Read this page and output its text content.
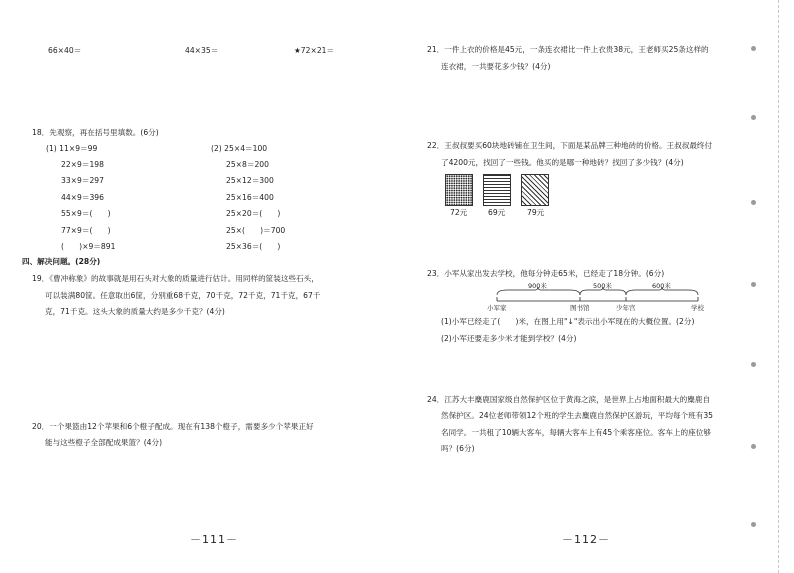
66×40＝	44×35＝	★72×21＝
18．先观察，再在括号里填数。(6分)
(1) 11×9＝99
22×9＝198
33×9＝297
44×9＝396
55×9＝(　　)
77×9＝(　　)
(　　)×9＝891
(2) 25×4＝100
25×8＝200
25×12＝300
25×16＝400
25×20＝(　　)
25×(　　)＝700
25×36＝(　　)
四、解决问题。(28分)
19．《曹冲称象》的故事就是用石头对大象的质量进行估计。用同样的筐装这些石头，
可以装满80筐。任意取出6筐，分别重68千克，70千克，72千克，71千克，67千
克，71千克。这头大象的质量大约是多少千克？(4分)
20．一个果篮由12个苹果和6个橙子配成。现在有138个橙子，需要多少个苹果正好
能与这些橙子全部配成果篮？(4分)
－111－
21．一件上衣的价格是45元，一条连衣裙比一件上衣贵38元，王老师买25条这样的
连衣裙，一共要花多少钱？(4分)
22．王叔叔要买60块地砖铺在卫生间，下面是某品牌三种地砖的价格。王叔叔最终付
了4200元，找回了一些钱。他买的是哪一种地砖？找回了多少钱？(4分)
72元	69元	79元
23．小军从家出发去学校，他每分钟走65米，已经走了18分钟。(6分)
900米	500米	600米
小军家	图书馆	少年宫	学校
(1)小军已经走了(　　)米，在图上用"↓"表示出小军现在的大概位置。(2分)
(2)小军还要走多少米才能到学校？(4分)
24．江苏大丰麋鹿国家级自然保护区位于黄海之滨，是世界上占地面积最大的麋鹿自
然保护区。24位老师带领12个班的学生去麋鹿自然保护区游玩，平均每个班有35
名同学。一共租了10辆大客车，每辆大客车上有45个乘客座位。客车上的座位够
吗？(6分)
－112－
